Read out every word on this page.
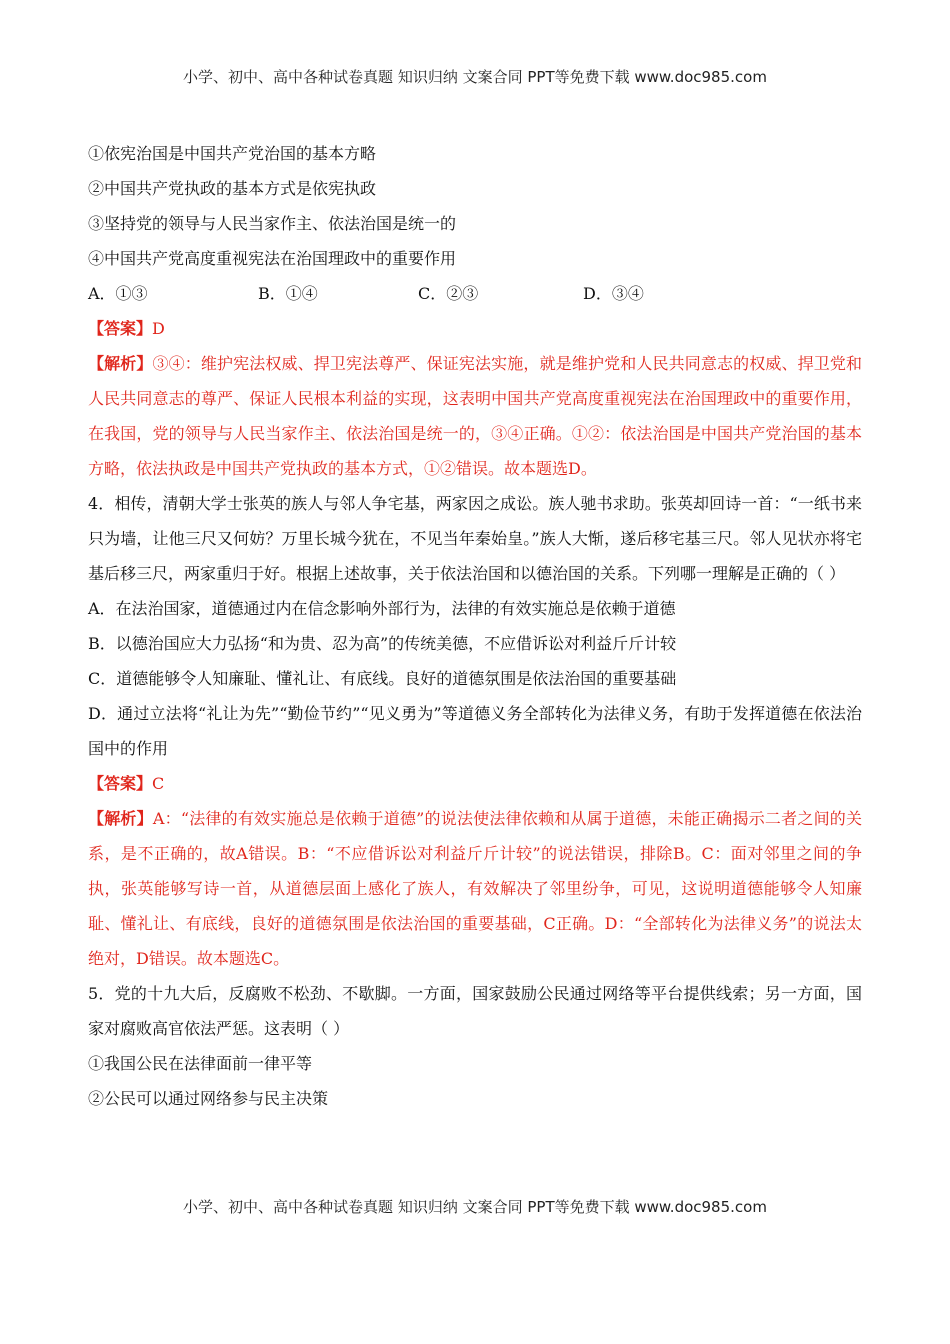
小学、初中、高中各种试卷真题 知识归纳 文案合同 PPT等免费下载 www.doc985.com
①依宪治国是中国共产党治国的基本方略
②中国共产党执政的基本方式是依宪执政
③坚持党的领导与人民当家作主、依法治国是统一的
④中国共产党高度重视宪法在治国理政中的重要作用
A．①③	B．①④	C．②③	D．③④
【答案】D
【解析】③④：维护宪法权威、捍卫宪法尊严、保证宪法实施，就是维护党和人民共同意志的权威、捍卫党和人民共同意志的尊严、保证人民根本利益的实现，这表明中国共产党高度重视宪法在治国理政中的重要作用，在我国，党的领导与人民当家作主、依法治国是统一的，③④正确。①②：依法治国是中国共产党治国的基本方略，依法执政是中国共产党执政的基本方式，①②错误。故本题选D。
4．相传，清朝大学士张英的族人与邻人争宅基，两家因之成讼。族人驰书求助。张英却回诗一首：“一纸书来只为墙，让他三尺又何妨？万里长城今犹在，不见当年秦始皇。”族人大惭，遂后移宅基三尺。邻人见状亦将宅基后移三尺，两家重归于好。根据上述故事，关于依法治国和以德治国的关系。下列哪一理解是正确的（ ）
A．在法治国家，道德通过内在信念影响外部行为，法律的有效实施总是依赖于道德
B．以德治国应大力弘扬“和为贵、忍为高”的传统美德，不应借诉讼对利益斤斤计较
C．道德能够令人知廉耻、懂礼让、有底线。良好的道德氛围是依法治国的重要基础
D．通过立法将“礼让为先”“勤俭节约”“见义勇为”等道德义务全部转化为法律义务，有助于发挥道德在依法治国中的作用
【答案】C
【解析】A：“法律的有效实施总是依赖于道德”的说法使法律依赖和从属于道德，未能正确揭示二者之间的关系，是不正确的，故A错误。B：“不应借诉讼对利益斤斤计较”的说法错误，排除B。C：面对邻里之间的争执，张英能够写诗一首，从道德层面上感化了族人，有效解决了邻里纷争，可见，这说明道德能够令人知廉耻、懂礼让、有底线，良好的道德氛围是依法治国的重要基础，C正确。D：“全部转化为法律义务”的说法太绝对，D错误。故本题选C。
5．党的十九大后，反腐败不松劲、不歇脚。一方面，国家鼓励公民通过网络等平台提供线索；另一方面，国家对腐败高官依法严惩。这表明（ ）
①我国公民在法律面前一律平等
②公民可以通过网络参与民主决策
小学、初中、高中各种试卷真题 知识归纳 文案合同 PPT等免费下载 www.doc985.com
